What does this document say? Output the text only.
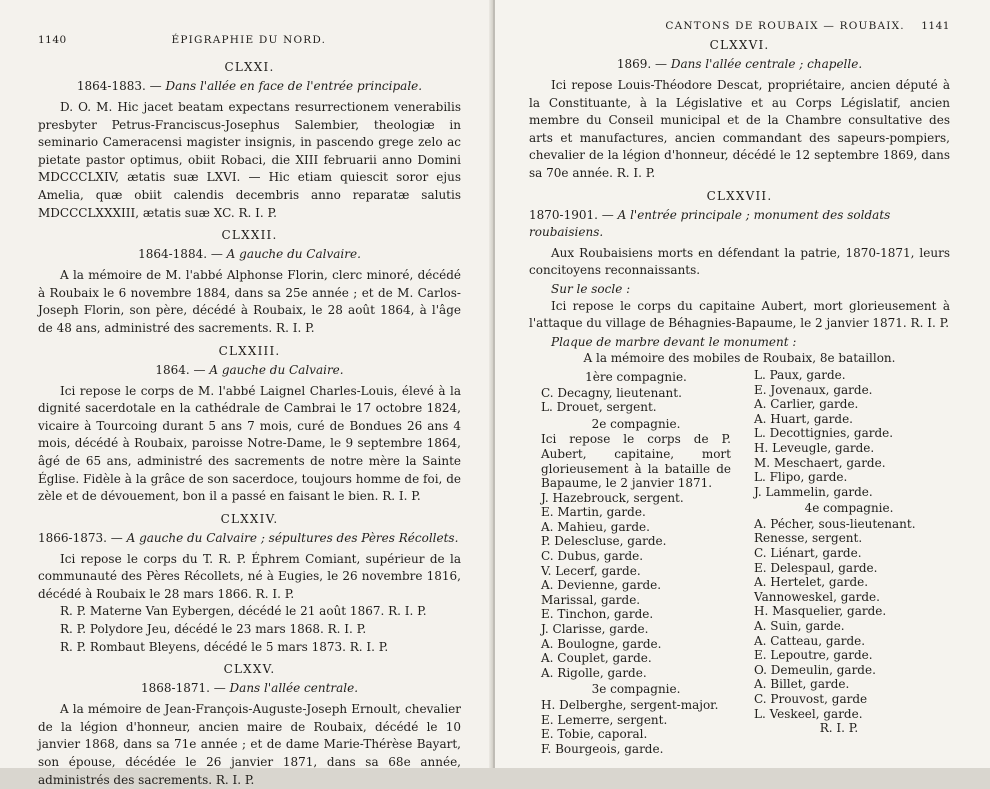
1140	ÉPIGRAPHIE DU NORD.
CLXXI.
1864-1883. — Dans l'allée en face de l'entrée principale.

D. O. M. Hic jacet beatam expectans resurrectionem venerabilis presbyter Petrus-Franciscus-Josephus Salembier, theologiæ in seminario Cameracensi magister insignis, in pascendo grege zelo ac pietate pastor optimus, obiit Robaci, die XIII februarii anno Domini MDCCCLXIV, ætatis suæ LXVI. — Hic etiam quiescit soror ejus Amelia, quæ obiit calendis decembris anno reparatæ salutis MDCCCLXXXIII, ætatis suæ XC. R. I. P.

CLXXII.
1864-1884. — A gauche du Calvaire.

A la mémoire de M. l'abbé Alphonse Florin, clerc minoré, décédé à Roubaix le 6 novembre 1884, dans sa 25e année ; et de M. Carlos-Joseph Florin, son père, décédé à Roubaix, le 28 août 1864, à l'âge de 48 ans, administré des sacrements. R. I. P.

CLXXIII.
1864. — A gauche du Calvaire.

Ici repose le corps de M. l'abbé Laignel Charles-Louis, élevé à la dignité sacerdotale en la cathédrale de Cambrai le 17 octobre 1824, vicaire à Tourcoing durant 5 ans 7 mois, curé de Bondues 26 ans 4 mois, décédé à Roubaix, paroisse Notre-Dame, le 9 septembre 1864, âgé de 65 ans, administré des sacrements de notre mère la Sainte Église. Fidèle à la grâce de son sacerdoce, toujours homme de foi, de zèle et de dévouement, bon il a passé en faisant le bien. R. I. P.

CLXXIV.
1866-1873. — A gauche du Calvaire ; sépultures des Pères Récollets.

Ici repose le corps du T. R. P. Éphrem Comiant, supérieur de la communauté des Pères Récollets, né à Eugies, le 26 novembre 1816, décédé à Roubaix le 28 mars 1866. R. I. P.

R. P. Materne Van Eybergen, décédé le 21 août 1867. R. I. P.
R. P. Polydore Jeu, décédé le 23 mars 1868. R. I. P.
R. P. Rombaut Bleyens, décédé le 5 mars 1873. R. I. P.
CLXXV.
1868-1871. — Dans l'allée centrale.

A la mémoire de Jean-François-Auguste-Joseph Ernoult, chevalier de la légion d'honneur, ancien maire de Roubaix, décédé le 10 janvier 1868, dans sa 71e année ; et de dame Marie-Thérèse Bayart, son épouse, décédée le 26 janvier 1871, dans sa 68e année, administrés des sacrements. R. I. P.

CANTONS DE ROUBAIX — ROUBAIX. 1141
CLXXVI.
1869. — Dans l'allée centrale ; chapelle.

Ici repose Louis-Théodore Descat, propriétaire, ancien député à la Constituante, à la Législative et au Corps Législatif, ancien membre du Conseil municipal et de la Chambre consultative des arts et manufactures, ancien commandant des sapeurs-pompiers, chevalier de la légion d'honneur, décédé le 12 septembre 1869, dans sa 70e année. R. I. P.

CLXXVII.
1870-1901. — A l'entrée principale ; monument des soldats roubaisiens.

Aux Roubaisiens morts en défendant la patrie, 1870-1871, leurs concitoyens reconnaissants.

Sur le socle :

Ici repose le corps du capitaine Aubert, mort glorieusement à l'attaque du village de Béhagnies-Bapaume, le 2 janvier 1871. R. I. P.

Plaque de marbre devant le monument :
A la mémoire des mobiles de Roubaix, 8e bataillon.
1ère compagnie.
C. Decagny, lieutenant.
L. Drouet, sergent.
2e compagnie.
Ici repose le corps de P. Aubert, capitaine, mort glorieusement à la bataille de Bapaume, le 2 janvier 1871.
J. Hazebrouck, sergent.
E. Martin, garde.
A. Mahieu, garde.
P. Delescluse, garde.
C. Dubus, garde.
V. Lecerf, garde.
A. Devienne, garde.
Marissal, garde.
E. Tinchon, garde.
J. Clarisse, garde.
A. Boulogne, garde.
A. Couplet, garde.
A. Rigolle, garde.
3e compagnie.
H. Delberghe, sergent-major.
E. Lemerre, sergent.
E. Tobie, caporal.
F. Bourgeois, garde.
L. Paux, garde.
E. Jovenaux, garde.
A. Carlier, garde.
A. Huart, garde.
L. Decottignies, garde.
H. Leveugle, garde.
M. Meschaert, garde.
L. Flipo, garde.
J. Lammelin, garde.
4e compagnie.
A. Pécher, sous-lieutenant.
Renesse, sergent.
C. Liénart, garde.
E. Delespaul, garde.
A. Hertelet, garde.
Vannoweskel, garde.
H. Masquelier, garde.
A. Suin, garde.
A. Catteau, garde.
E. Lepoutre, garde.
O. Demeulin, garde.
A. Billet, garde.
C. Prouvost, garde
L. Veskeel, garde.
R. I. P.
